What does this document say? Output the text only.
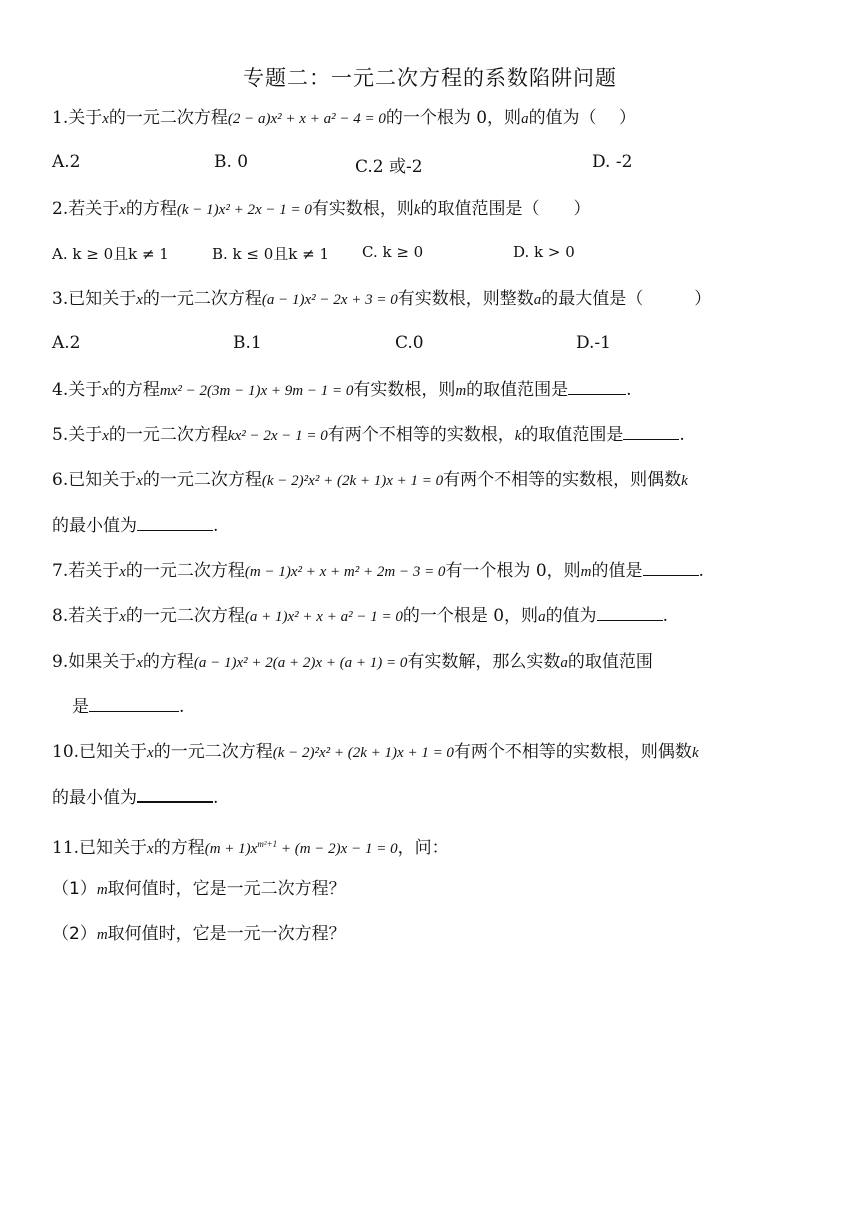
专题二：一元二次方程的系数陷阱问题
1.关于x的一元二次方程(2 − a)x² + x + a² − 4 = 0的一个根为 0，则a的值为（　 ）
A.2	B. 0	C.2 或-2	D. -2
2.若关于x的方程(k − 1)x² + 2x − 1 = 0有实数根，则k的取值范围是（　　）
A. k ≥ 0且k ≠ 1	B. k ≤ 0且k ≠ 1 C. k ≥ 0	D. k > 0
3.已知关于x的一元二次方程(a − 1)x² − 2x + 3 = 0有实数根，则整数a的最大值是（　　　）
A.2	B.1	C.0	D.-1
4.关于x的方程mx² − 2(3m − 1)x + 9m − 1 = 0有实数根，则m的取值范围是	.
5.关于x的一元二次方程kx² − 2x − 1 = 0有两个不相等的实数根，k的取值范围是	.
6.已知关于x的一元二次方程(k − 2)²x² + (2k + 1)x + 1 = 0有两个不相等的实数根，则偶数k
的最小值为	.
7.若关于x的一元二次方程(m − 1)x² + x + m² + 2m − 3 = 0有一个根为 0，则m的值是	.
8.若关于x的一元二次方程(a + 1)x² + x + a² − 1 = 0的一个根是 0，则a的值为	.
9.如果关于x的方程(a − 1)x² + 2(a + 2)x + (a + 1) = 0有实数解，那么实数a的取值范围
是	.
10.已知关于x的一元二次方程(k − 2)²x² + (2k + 1)x + 1 = 0有两个不相等的实数根，则偶数k
的最小值为	.
11.已知关于x的方程$(m + 1)x^{m^2+1} + (m - 2)x - 1 = 0$，问：
（1）m取何值时，它是一元二次方程？
（2）m取何值时，它是一元一次方程？
